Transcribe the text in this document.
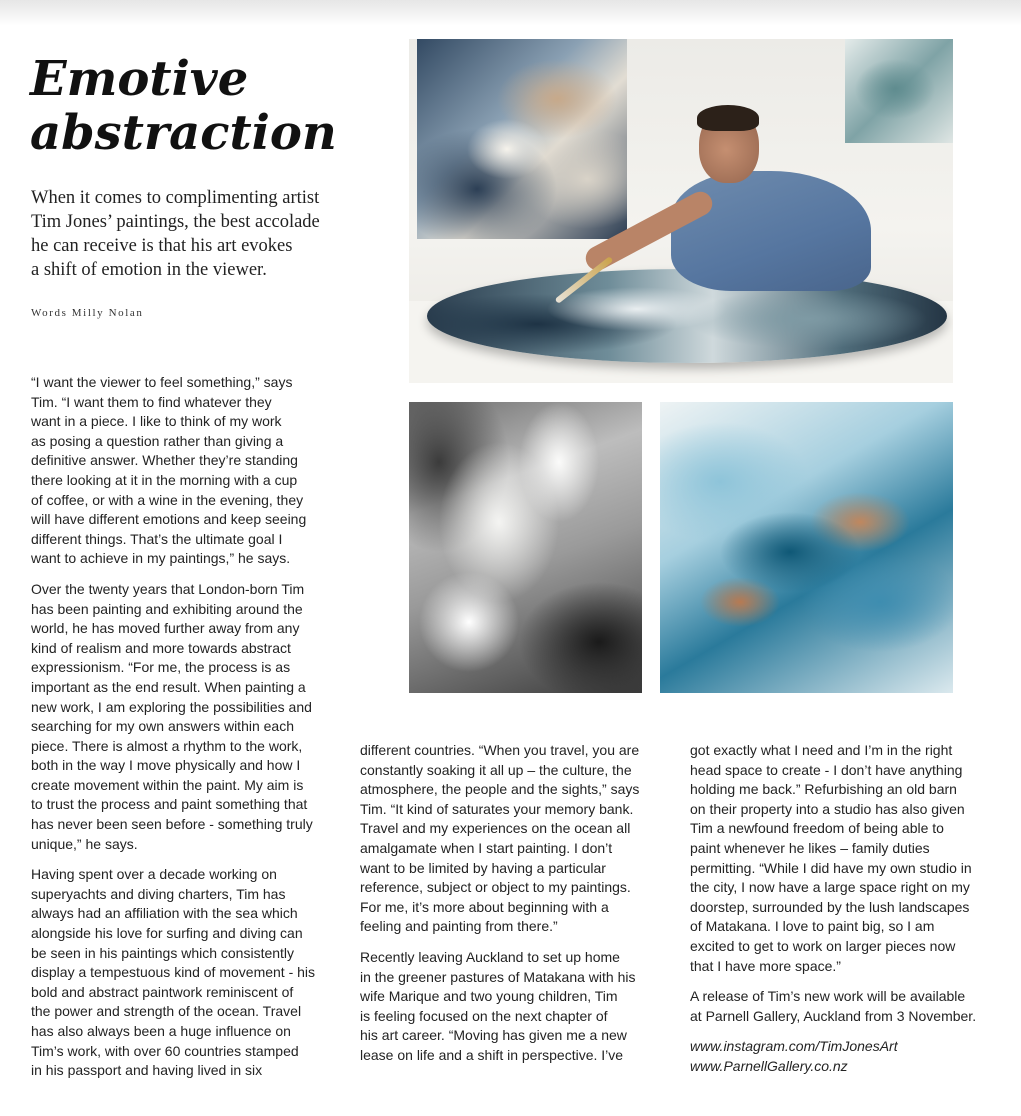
Emotive
abstraction
When it comes to complimenting artist
Tim Jones’ paintings, the best accolade
he can receive is that his art evokes
a shift of emotion in the viewer.
Words Milly Nolan

“I want the viewer to feel something,” says
Tim. “I want them to find whatever they
want in a piece. I like to think of my work
as posing a question rather than giving a
definitive answer. Whether they’re standing
there looking at it in the morning with a cup
of coffee, or with a wine in the evening, they
will have different emotions and keep seeing
different things. That’s the ultimate goal I
want to achieve in my paintings,” he says.

Over the twenty years that London-born Tim
has been painting and exhibiting around the
world, he has moved further away from any
kind of realism and more towards abstract
expressionism. “For me, the process is as
important as the end result. When painting a
new work, I am exploring the possibilities and
searching for my own answers within each
piece. There is almost a rhythm to the work,
both in the way I move physically and how I
create movement within the paint. My aim is
to trust the process and paint something that
has never been seen before - something truly
unique,” he says.

Having spent over a decade working on
superyachts and diving charters, Tim has
always had an affiliation with the sea which
alongside his love for surfing and diving can
be seen in his paintings which consistently
display a tempestuous kind of movement - his
bold and abstract paintwork reminiscent of
the power and strength of the ocean. Travel
has also always been a huge influence on
Tim’s work, with over 60 countries stamped
in his passport and having lived in six

different countries. “When you travel, you are
constantly soaking it all up – the culture, the
atmosphere, the people and the sights,” says
Tim. “It kind of saturates your memory bank.
Travel and my experiences on the ocean all
amalgamate when I start painting. I don’t
want to be limited by having a particular
reference, subject or object to my paintings.
For me, it’s more about beginning with a
feeling and painting from there.”

Recently leaving Auckland to set up home
in the greener pastures of Matakana with his
wife Marique and two young children, Tim
is feeling focused on the next chapter of
his art career. “Moving has given me a new
lease on life and a shift in perspective. I’ve

got exactly what I need and I’m in the right
head space to create - I don’t have anything
holding me back.” Refurbishing an old barn
on their property into a studio has also given
Tim a newfound freedom of being able to
paint whenever he likes – family duties
permitting. “While I did have my own studio in
the city, I now have a large space right on my
doorstep, surrounded by the lush landscapes
of Matakana. I love to paint big, so I am
excited to get to work on larger pieces now
that I have more space.”

A release of Tim’s new work will be available
at Parnell Gallery, Auckland from 3 November.

www.instagram.com/TimJonesArt
www.ParnellGallery.co.nz
